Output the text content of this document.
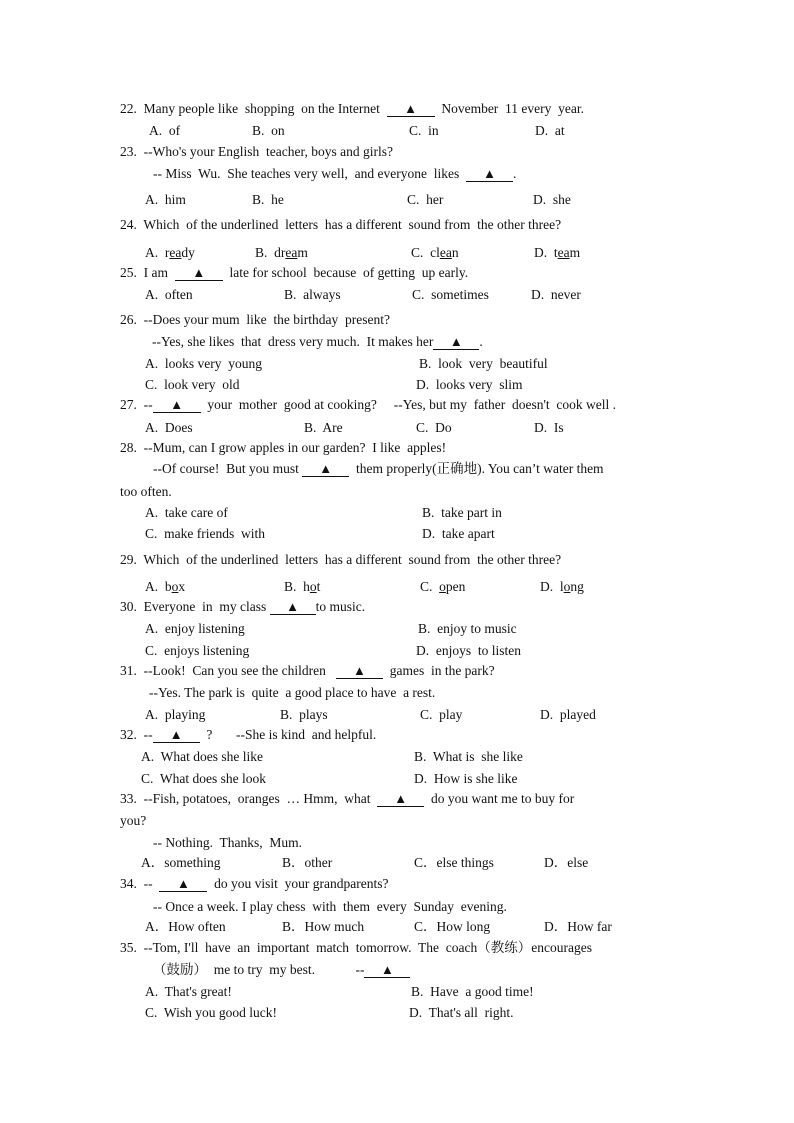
22. Many people like  shopping  on the Internet  ▲  November  11 every  year.
A.  of	B.  on	C.  in	D.  at
23. --Who's your English  teacher, boys and girls?
-- Miss  Wu.  She teaches very well,  and everyone  likes  ▲ .
A.  him	B.  he	C.  her	D.  she
24. Which  of the underlined  letters  has a different  sound from  the other three?
A.  ready	B.  dream	C.  clean	D.  team
25. I am  ▲  late for school  because  of getting  up early.
A.  often	B.  always	C.  sometimes	D.  never
26. --Does your mum  like  the birthday  present?
--Yes, she likes  that  dress very much.  It makes her ▲ .
A.  looks very  young	B.  look  very  beautiful
C.  look very  old	D.  looks very  slim
27. -- ▲  your  mother  good at cooking?     --Yes, but my  father  doesn't  cook well .
A.  Does	B.  Are	C.  Do	D.  Is
28. --Mum, can I grow apples in our garden?  I like  apples!
--Of course!  But you must ▲  them properly(正确地). You can’t water them
too often.
A.  take care of	B.  take part in
C.  make friends  with	D.  take apart
29. Which  of the underlined  letters  has a different  sound from  the other three?
A.  box	B.  hot	C.  open	D.  long
30. Everyone  in  my class ▲ to music.
A.  enjoy listening	B.  enjoy to music
C.  enjoys listening	D.  enjoys  to listen
31. --Look!  Can you see the children   ▲  games  in the park?
--Yes. The park is  quite  a good place to have  a rest.
A.  playing	B.  plays	C.  play	D.  played
32. -- ▲  ?       --She is kind  and helpful.
A.  What does she like	B.  What is  she like
C.  What does she look	D.  How is she like
33. --Fish, potatoes,  oranges  … Hmm,  what  ▲  do you want me to buy for
you?
-- Nothing.  Thanks,  Mum.
A．something	B．other	C．else things	D．else
34. --  ▲  do you visit  your grandparents?
-- Once a week. I play chess  with  them  every  Sunday  evening.
A．How often	B．How much	C．How long	D．How far
35. --Tom, I'll  have  an  important  match  tomorrow.  The  coach（教练）encourages
（鼓励）  me to try  my best.            -- ▲
A.  That's great!	B.  Have  a good time!
C.  Wish you good luck!	D.  That's all  right.
